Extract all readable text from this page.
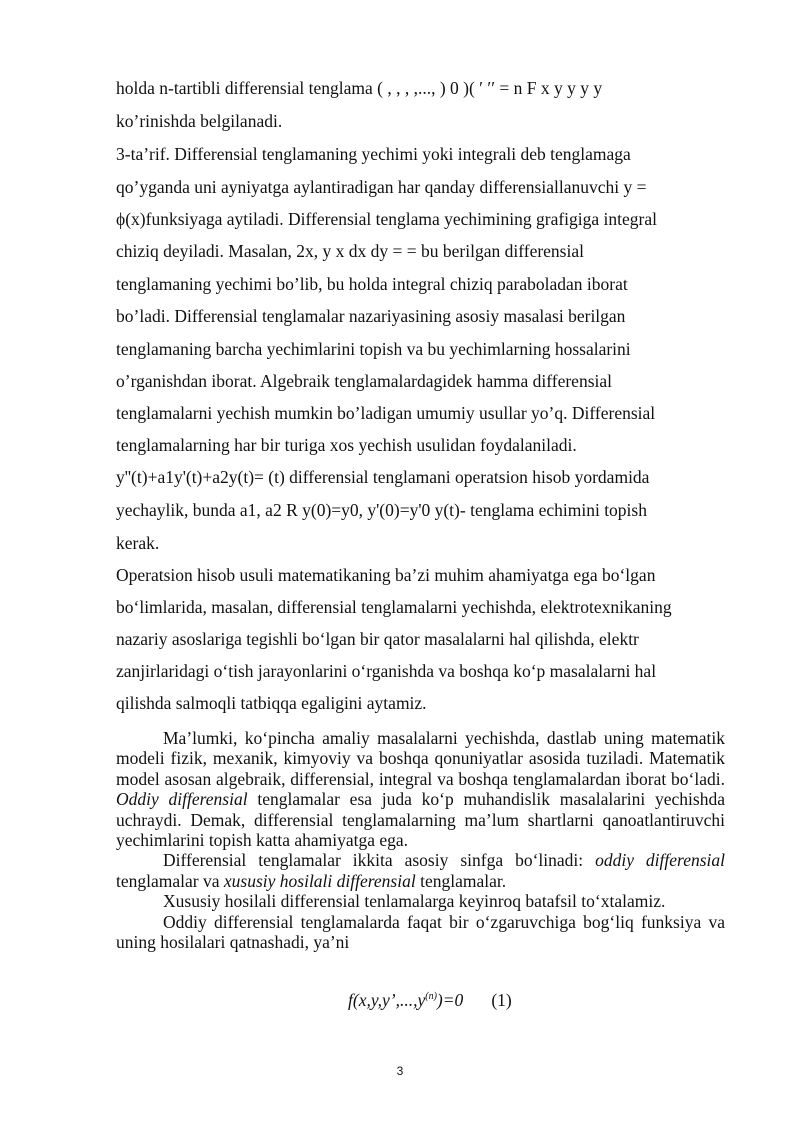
holda n-tartibli differensial tenglama ( , , , ,..., ) 0 )( ′ ′′ = n F x y y y y
ko’rinishda belgilanadi.
3-ta’rif. Differensial tenglamaning yechimi yoki integrali deb tenglamaga
qo’yganda uni ayniyatga aylantiradigan har qanday differensiallanuvchi y =
ϕ(x)funksiyaga aytiladi. Differensial tenglama yechimining grafigiga integral
chiziq deyiladi. Masalan, 2x, y x dx dy = = bu berilgan differensial
tenglamaning yechimi bo’lib, bu holda integral chiziq paraboladan iborat
bo’ladi. Differensial tenglamalar nazariyasining asosiy masalasi berilgan
tenglamaning barcha yechimlarini topish va bu yechimlarning hossalarini
o’rganishdan iborat. Algebraik tenglamalardagidek hamma differensial
tenglamalarni yechish mumkin bo’ladigan umumiy usullar yo’q. Differensial
tenglamalarning har bir turiga xos yechish usulidan foydalaniladi.
y''(t)+a1y'(t)+a2y(t)= (t) differensial tenglamani operatsion hisob yordamida
yechaylik, bunda a1, a2 R y(0)=y0, y'(0)=y'0 y(t)- tenglama echimini topish
kerak.
Operatsion hisob usuli matematikaning ba’zi muhim ahamiyatga ega bo‘lgan
bo‘limlarida, masalan, differensial tenglamalarni yechishda, elektrotexnikaning
nazariy asoslariga tegishli bo‘lgan bir qator masalalarni hal qilishda, elektr
zanjirlaridagi o‘tish jarayonlarini o‘rganishda va boshqa ko‘p masalalarni hal
qilishda salmoqli tatbiqqa egaligini aytamiz.

Ma’lumki, ko‘pincha amaliy masalalarni yechishda, dastlab uning matematik modeli fizik, mexanik, kimyoviy va boshqa qonuniyatlar asosida tuziladi. Matematik model asosan algebraik, differensial, integral va boshqa tenglamalardan iborat bo‘ladi. Oddiy differensial tenglamalar esa juda ko‘p muhandislik masalalarini yechishda uchraydi. Demak, differensial tenglamalarning ma’lum shartlarni qanoatlantiruvchi yechimlarini topish katta ahamiyatga ega.

Differensial tenglamalar ikkita asosiy sinfga bo‘linadi: oddiy differensial tenglamalar va xususiy hosilali differensial tenglamalar.

Xususiy hosilali differensial tenlamalarga keyinroq batafsil to‘xtalamiz.

Oddiy differensial tenglamalarda faqat bir o‘zgaruvchiga bog‘liq funksiya va uning hosilalari qatnashadi, ya’ni

$f(x,y,y’,...,y^{(n)})=0$ (1)
3
